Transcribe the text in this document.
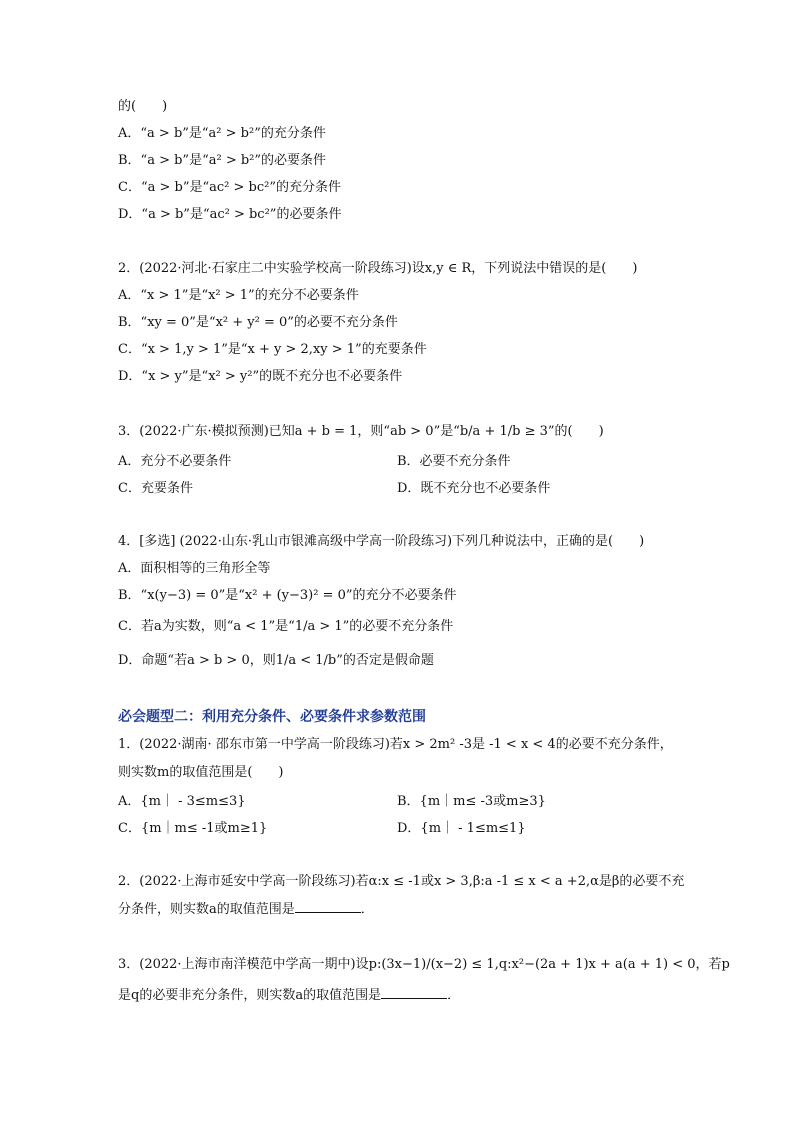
的(　　)
A．“a > b”是“a² > b²”的充分条件
B．“a > b”是“a² > b²”的必要条件
C．“a > b”是“ac² > bc²”的充分条件
D．“a > b”是“ac² > bc²”的必要条件
2．(2022·河北·石家庄二中实验学校高一阶段练习)设x,y ∈ R，下列说法中错误的是(　　)
A．“x > 1”是“x² > 1”的充分不必要条件
B．“xy = 0”是“x² + y² = 0”的必要不充分条件
C．“x > 1,y > 1”是“x + y > 2,xy > 1”的充要条件
D．“x > y”是“x² > y²”的既不充分也不必要条件
3．(2022·广东·模拟预测)已知a + b = 1，则“ab > 0”是“b/a + 1/b ≥ 3”的(　　)
A．充分不必要条件	B．必要不充分条件
C．充要条件	D．既不充分也不必要条件
4．[多选] (2022·山东·乳山市银滩高级中学高一阶段练习)下列几种说法中，正确的是(　　)
A．面积相等的三角形全等
B．“x(y−3) = 0”是“x² + (y−3)² = 0”的充分不必要条件
C．若a为实数，则“a < 1”是“1/a > 1”的必要不充分条件
D．命题“若a > b > 0，则1/a < 1/b”的否定是假命题
必会题型二：利用充分条件、必要条件求参数范围
1．(2022·湖南· 邵东市第一中学高一阶段练习)若x > 2m² -3是 -1 < x < 4的必要不充分条件，
则实数m的取值范围是(　　)
A．{m｜ - 3≤m≤3}	B．{m｜m≤ -3或m≥3}
C．{m｜m≤ -1或m≥1}	D．{m｜ - 1≤m≤1}
2．(2022·上海市延安中学高一阶段练习)若α:x ≤ -1或x > 3,β:a -1 ≤ x < a +2,α是β的必要不充
分条件，则实数a的取值范围是	．
3．(2022·上海市南洋模范中学高一期中)设p:(3x−1)/(x−2) ≤ 1,q:x²−(2a + 1)x + a(a + 1) < 0，若p
是q的必要非充分条件，则实数a的取值范围是	．
